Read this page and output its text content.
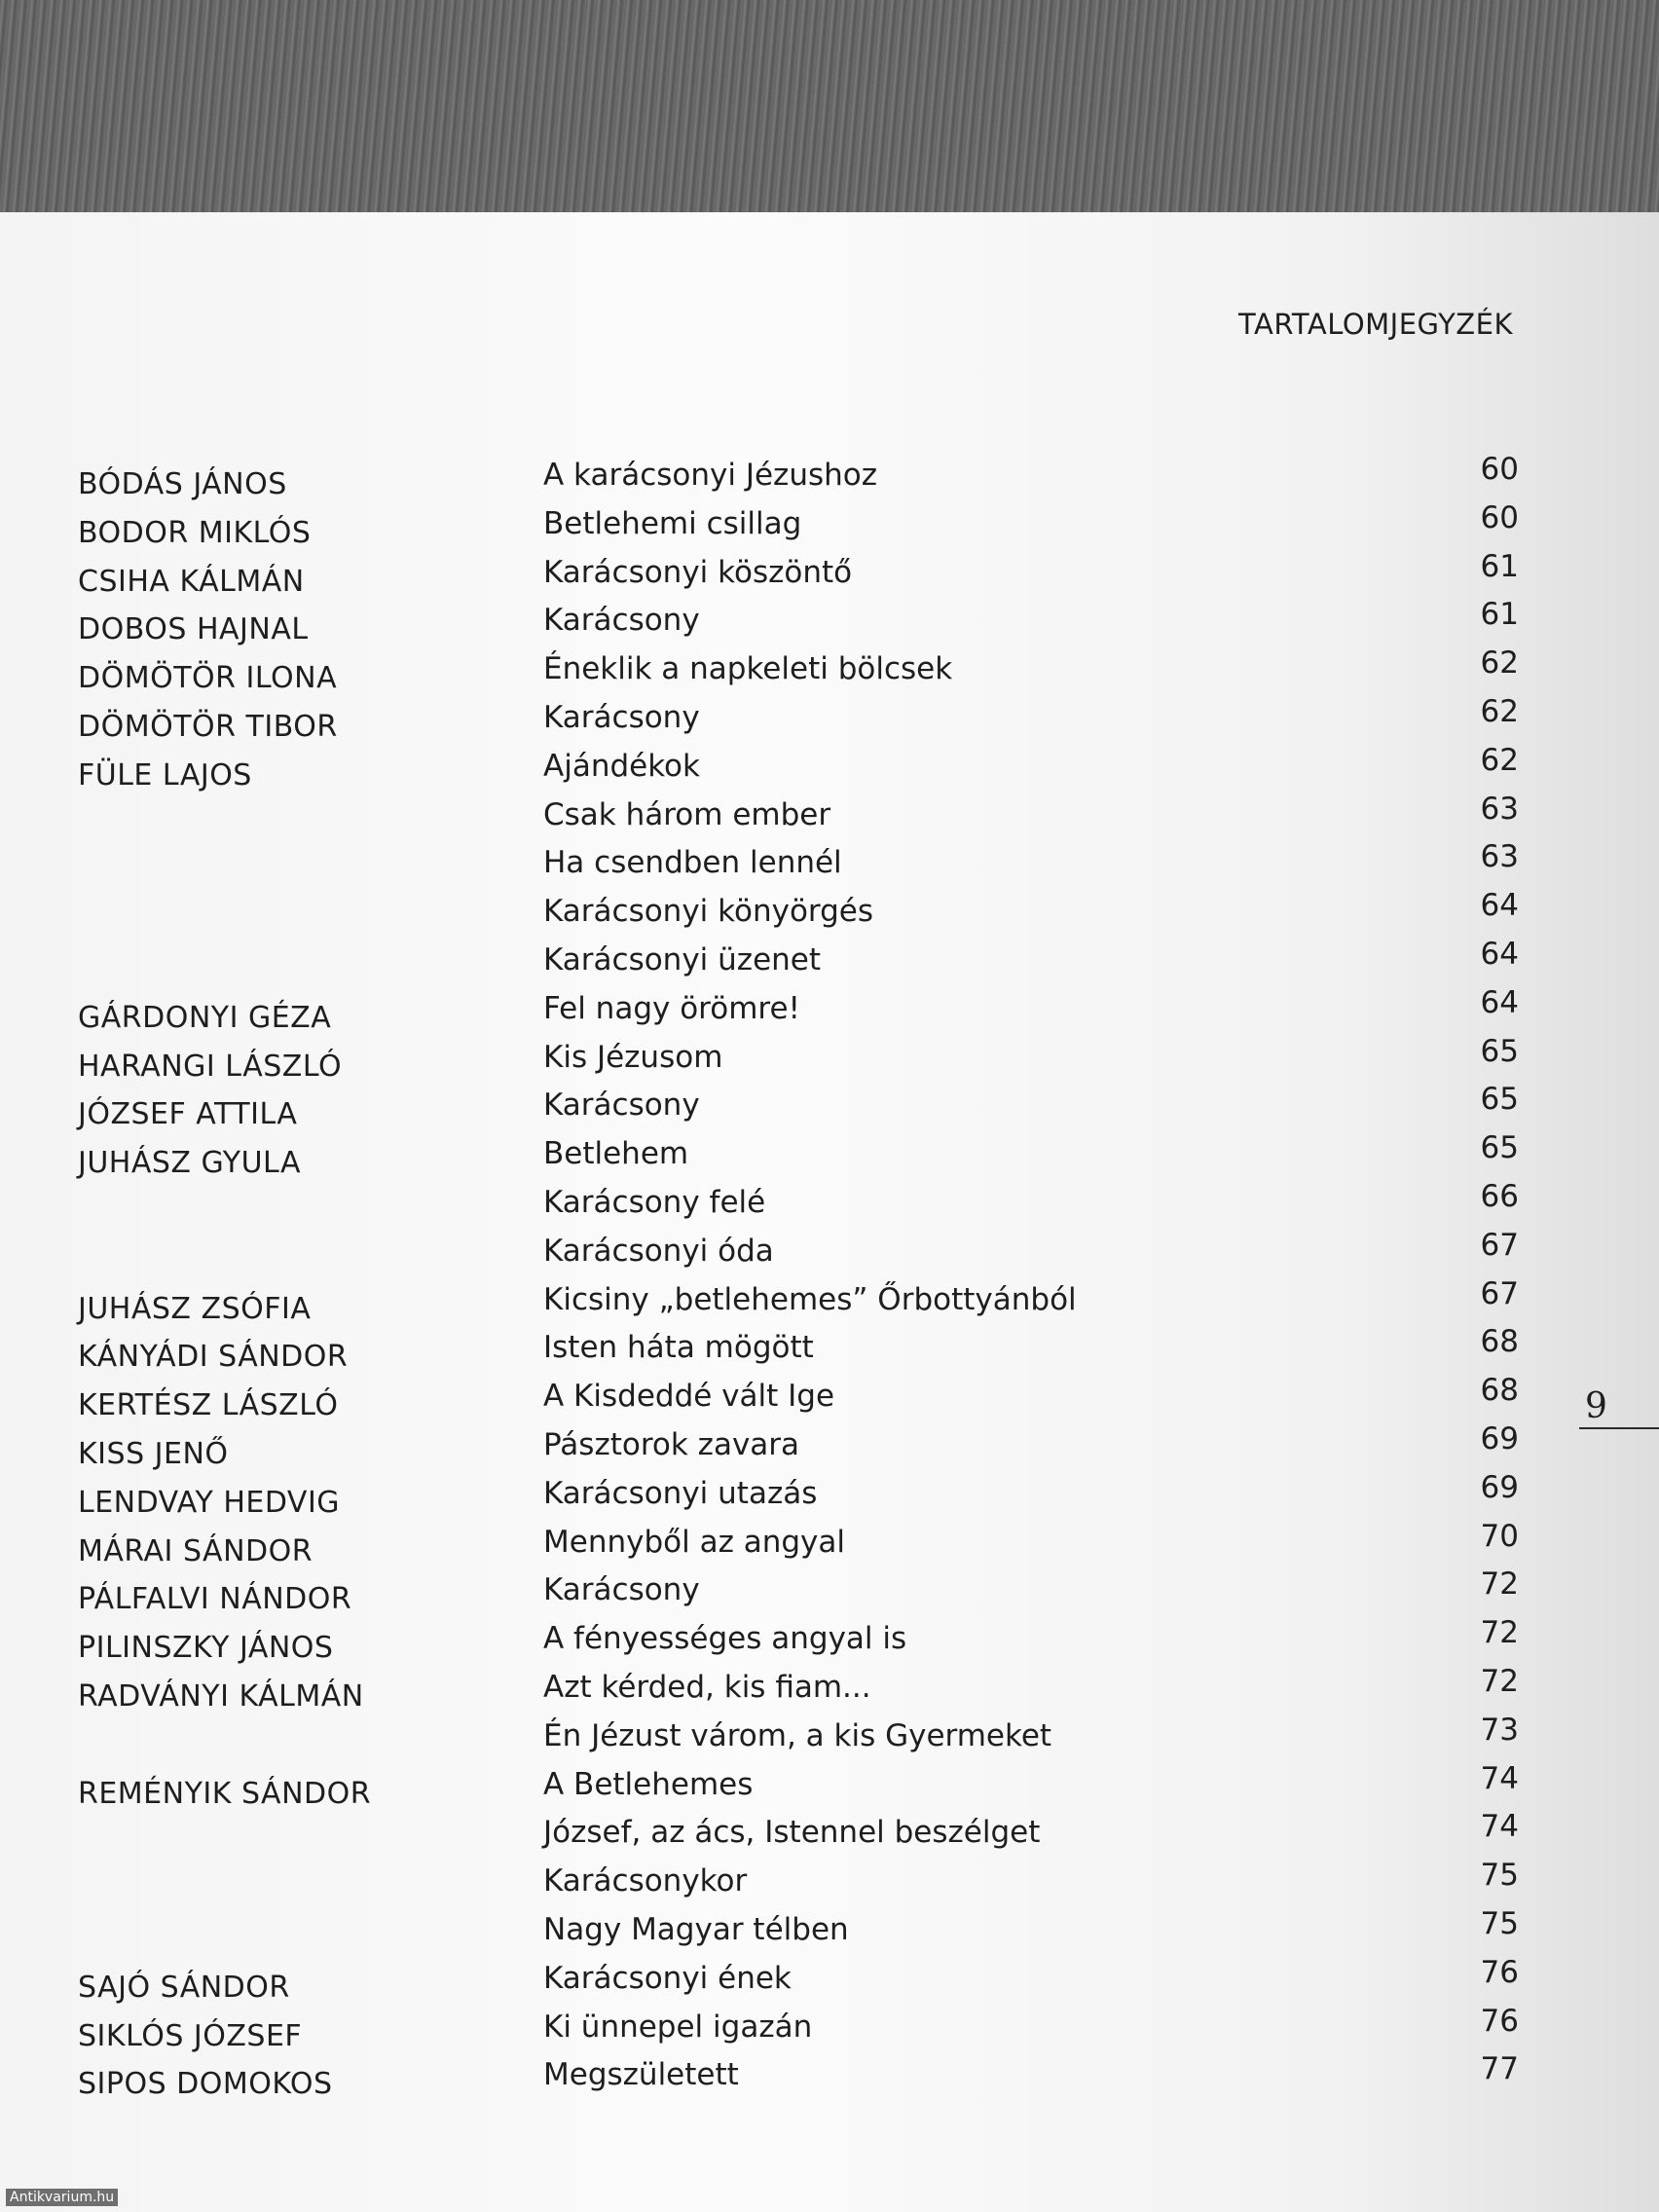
TARTALOMJEGYZÉK
BÓDÁS JÁNOS	A karácsonyi Jézushoz	60
BODOR MIKLÓS	Betlehemi csillag	60
CSIHA KÁLMÁN	Karácsonyi köszöntő	61
DOBOS HAJNAL	Karácsony	61
DÖMÖTÖR ILONA	Éneklik a napkeleti bölcsek	62
DÖMÖTÖR TIBOR	Karácsony	62
FÜLE LAJOS	Ajándékok	62
Csak három ember	63
Ha csendben lennél	63
Karácsonyi könyörgés	64
Karácsonyi üzenet	64
GÁRDONYI GÉZA	Fel nagy örömre!	64
HARANGI LÁSZLÓ	Kis Jézusom	65
JÓZSEF ATTILA	Karácsony	65
JUHÁSZ GYULA	Betlehem	65
Karácsony felé	66
Karácsonyi óda	67
JUHÁSZ ZSÓFIA	Kicsiny „betlehemes” Őrbottyánból	67
KÁNYÁDI SÁNDOR	Isten háta mögött	68
KERTÉSZ LÁSZLÓ	A Kisdeddé vált Ige	68
KISS JENŐ	Pásztorok zavara	69
LENDVAY HEDVIG	Karácsonyi utazás	69
MÁRAI SÁNDOR	Mennyből az angyal	70
PÁLFALVI NÁNDOR	Karácsony	72
PILINSZKY JÁNOS	A fényességes angyal is	72
RADVÁNYI KÁLMÁN	Azt kérded, kis fiam...	72
Én Jézust várom, a kis Gyermeket	73
REMÉNYIK SÁNDOR	A Betlehemes	74
József, az ács, Istennel beszélget	74
Karácsonykor	75
Nagy Magyar télben	75
SAJÓ SÁNDOR	Karácsonyi ének	76
SIKLÓS JÓZSEF	Ki ünnepel igazán	76
SIPOS DOMOKOS	Megszületett	77
9
Antikvarium.hu
